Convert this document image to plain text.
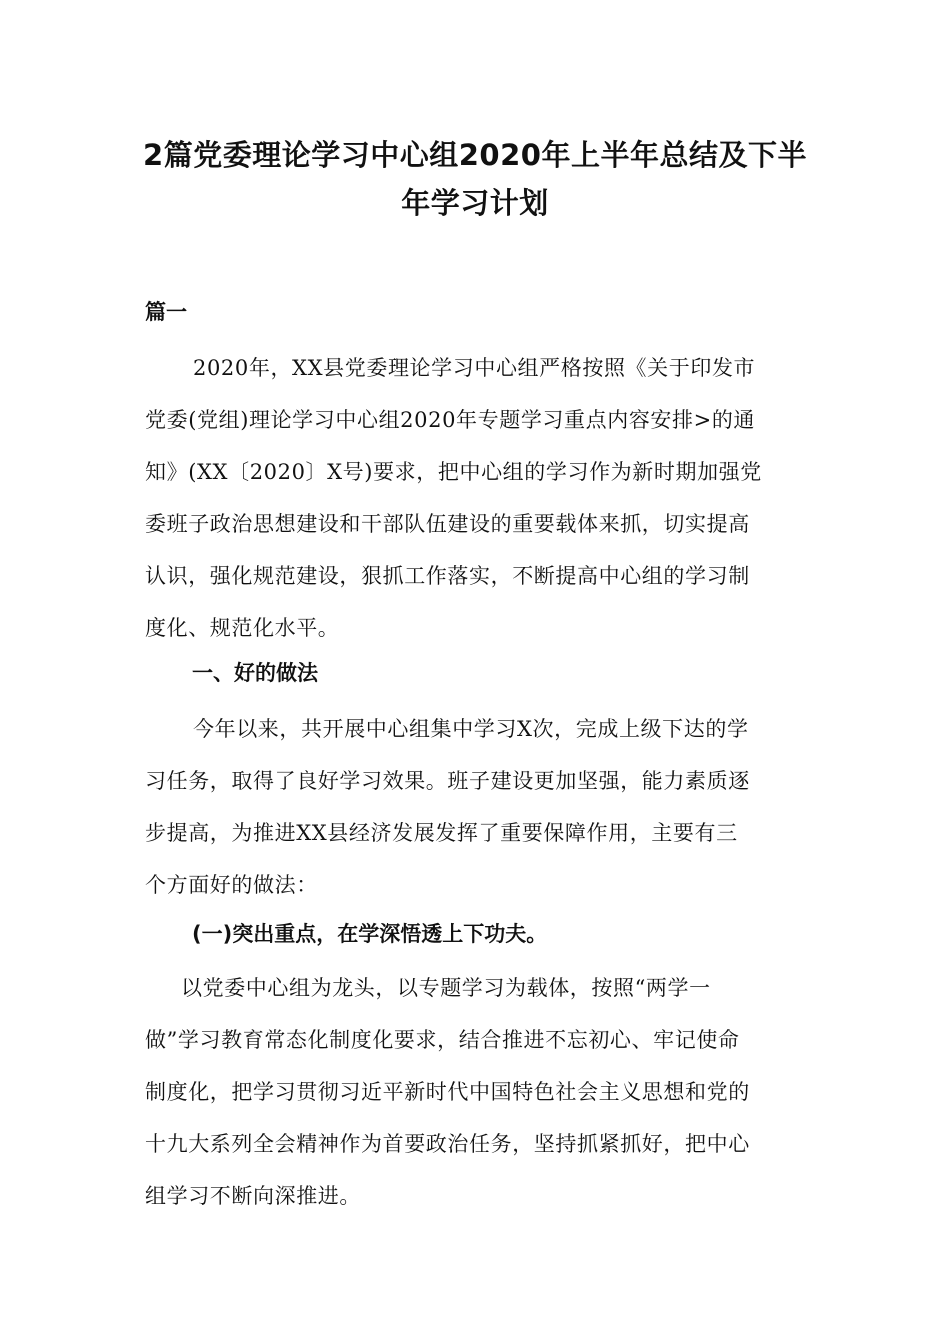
2篇党委理论学习中心组2020年上半年总结及下半
年学习计划
篇一
2020年，XX县党委理论学习中心组严格按照《关于印发市
党委(党组)理论学习中心组2020年专题学习重点内容安排>的通
知》(XX〔2020〕X号)要求，把中心组的学习作为新时期加强党
委班子政治思想建设和干部队伍建设的重要载体来抓，切实提高
认识，强化规范建设，狠抓工作落实，不断提高中心组的学习制
度化、规范化水平。
一、好的做法
今年以来，共开展中心组集中学习X次，完成上级下达的学
习任务，取得了良好学习效果。班子建设更加坚强，能力素质逐
步提高，为推进XX县经济发展发挥了重要保障作用，主要有三
个方面好的做法：
(一)突出重点，在学深悟透上下功夫。
以党委中心组为龙头，以专题学习为载体，按照“两学一
做”学习教育常态化制度化要求，结合推进不忘初心、牢记使命
制度化，把学习贯彻习近平新时代中国特色社会主义思想和党的
十九大系列全会精神作为首要政治任务，坚持抓紧抓好，把中心
组学习不断向深推进。
